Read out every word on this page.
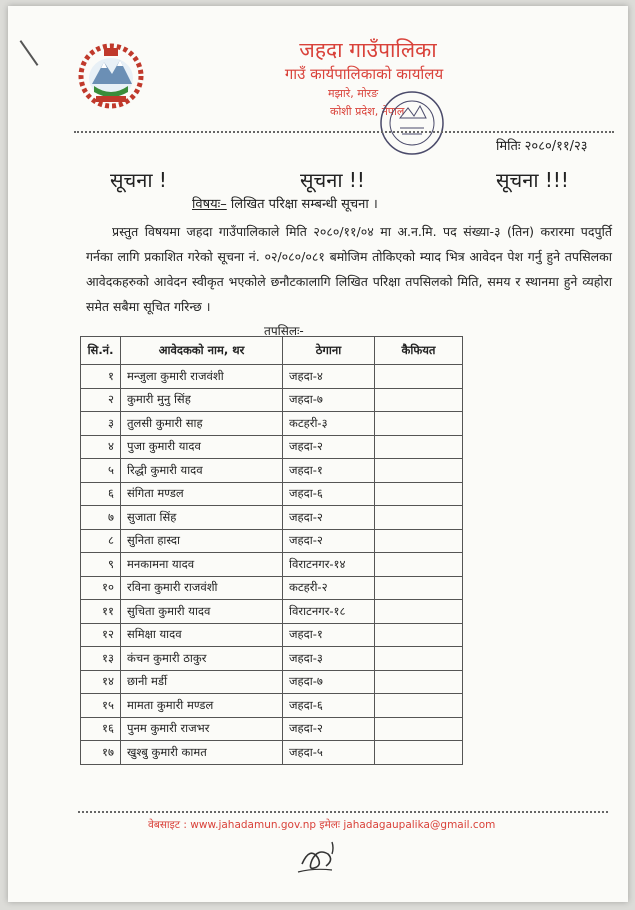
जहदा गाउँपालिका
गाउँ कार्यपालिकाको कार्यालय
मझारे, मोरङ
कोशी प्रदेश, नेपाल
मितिः २०८०/११/२३
सूचना !	सूचना !!	सूचना !!!
विषयः– लिखित परिक्षा सम्बन्धी सूचना ।
प्रस्तुत विषयमा जहदा गाउँपालिकाले मिति २०८०/११/०४ मा अ.न.मि. पद संख्या-३ (तिन) करारमा पदपुर्ति गर्नका लागि प्रकाशित गरेको सूचना नं. ०२/०८०/०८१ बमोजिम तोकिएको म्याद भित्र आवेदन पेश गर्नु हुने तपसिलका आवेदकहरुको आवेदन स्वीकृत भएकोले छनौटकालागि लिखित परिक्षा तपसिलको मिति, समय र स्थानमा हुने व्यहोरा समेत सबैमा सूचित गरिन्छ ।
तपसिलः-
सि.नं.	आवेदकको नाम, थर	ठेगाना	कैफियत
१	मन्जुला कुमारी राजवंशी	जहदा-४	
२	कुमारी मुनु सिंह	जहदा-७	
३	तुलसी कुमारी साह	कटहरी-३	
४	पुजा कुमारी यादव	जहदा-२	
५	रिद्धी कुमारी यादव	जहदा-१	
६	संगिता मण्डल	जहदा-६	
७	सुजाता सिंह	जहदा-२	
८	सुनिता हास्दा	जहदा-२	
९	मनकामना यादव	विराटनगर-१४	
१०	रविना कुमारी राजवंशी	कटहरी-२	
११	सुचिता कुमारी यादव	विराटनगर-१८	
१२	समिक्षा यादव	जहदा-१	
१३	कंचन कुमारी ठाकुर	जहदा-३	
१४	छानी मर्डी	जहदा-७	
१५	मामता कुमारी मण्डल	जहदा-६	
१६	पुनम कुमारी राजभर	जहदा-२	
१७	खुश्बु कुमारी कामत	जहदा-५	
वेबसाइट : www.jahadamun.gov.np इमेलः jahadagaupalika@gmail.com
